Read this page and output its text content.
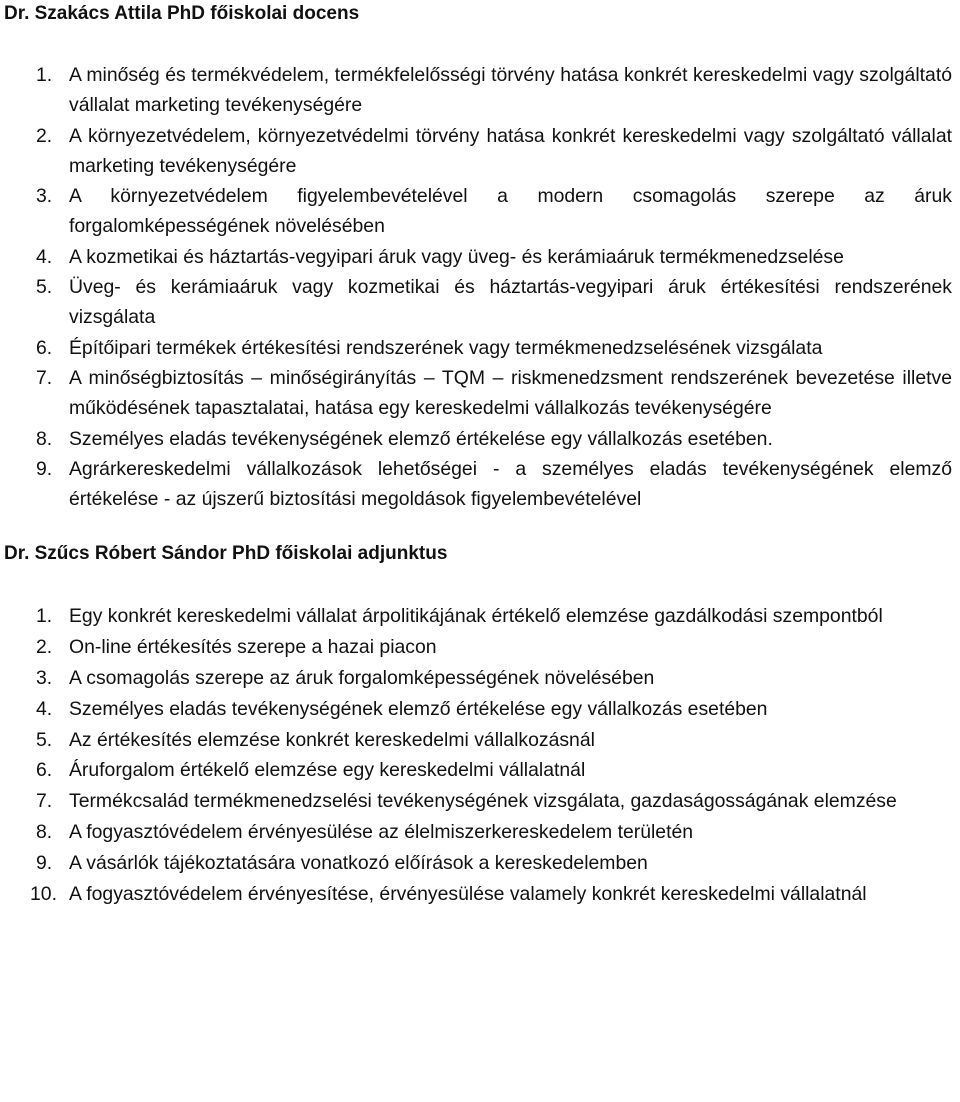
Dr. Szakács Attila PhD főiskolai docens
1. A minőség és termékvédelem, termékfelelősségi törvény hatása konkrét kereskedelmi vagy szolgáltató vállalat marketing tevékenységére
2. A környezetvédelem, környezetvédelmi törvény hatása konkrét kereskedelmi vagy szolgáltató vállalat marketing tevékenységére
3. A környezetvédelem figyelembevételével a modern csomagolás szerepe az áruk forgalomképességének növelésében
4. A kozmetikai és háztartás-vegyipari áruk vagy üveg- és kerámiaáruk termékmenedzselése
5. Üveg- és kerámiaáruk vagy kozmetikai és háztartás-vegyipari áruk értékesítési rendszerének vizsgálata
6. Építőipari termékek értékesítési rendszerének vagy termékmenedzselésének vizsgálata
7. A minőségbiztosítás – minőségirányítás – TQM – riskmenedzsment rendszerének bevezetése illetve működésének tapasztalatai, hatása egy kereskedelmi vállalkozás tevékenységére
8. Személyes eladás tevékenységének elemző értékelése egy vállalkozás esetében.
9. Agrárkereskedelmi vállalkozások lehetőségei - a személyes eladás tevékenységének elemző értékelése - az újszerű biztosítási megoldások figyelembevételével
Dr. Szűcs Róbert Sándor PhD főiskolai adjunktus
1. Egy konkrét kereskedelmi vállalat árpolitikájának értékelő elemzése gazdálkodási szempontból
2. On-line értékesítés szerepe a hazai piacon
3. A csomagolás szerepe az áruk forgalomképességének növelésében
4. Személyes eladás tevékenységének elemző értékelése egy vállalkozás esetében
5. Az értékesítés elemzése konkrét kereskedelmi vállalkozásnál
6. Áruforgalom értékelő elemzése egy kereskedelmi vállalatnál
7. Termékcsalád termékmenedzselési tevékenységének vizsgálata, gazdaságosságának elemzése
8. A fogyasztóvédelem érvényesülése az élelmiszerkereskedelem területén
9. A vásárlók tájékoztatására vonatkozó előírások a kereskedelemben
10. A fogyasztóvédelem érvényesítése, érvényesülése valamely konkrét kereskedelmi vállalatnál
